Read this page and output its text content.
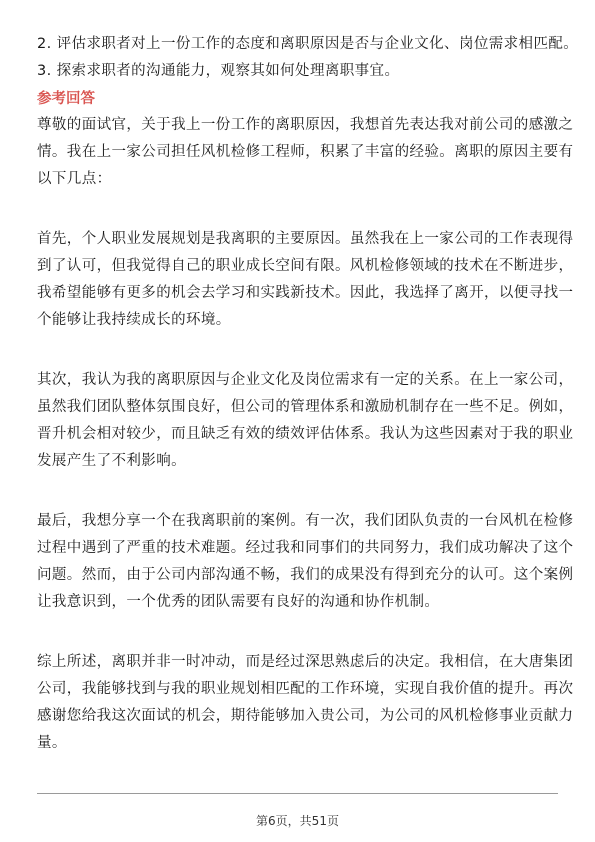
2. 评估求职者对上一份工作的态度和离职原因是否与企业文化、岗位需求相匹配。
3. 探索求职者的沟通能力，观察其如何处理离职事宜。
参考回答
尊敬的面试官，关于我上一份工作的离职原因，我想首先表达我对前公司的感激之
情。我在上一家公司担任风机检修工程师，积累了丰富的经验。离职的原因主要有
以下几点：
首先，个人职业发展规划是我离职的主要原因。虽然我在上一家公司的工作表现得
到了认可，但我觉得自己的职业成长空间有限。风机检修领域的技术在不断进步，
我希望能够有更多的机会去学习和实践新技术。因此，我选择了离开，以便寻找一
个能够让我持续成长的环境。
其次，我认为我的离职原因与企业文化及岗位需求有一定的关系。在上一家公司，
虽然我们团队整体氛围良好，但公司的管理体系和激励机制存在一些不足。例如，
晋升机会相对较少，而且缺乏有效的绩效评估体系。我认为这些因素对于我的职业
发展产生了不利影响。
最后，我想分享一个在我离职前的案例。有一次，我们团队负责的一台风机在检修
过程中遇到了严重的技术难题。经过我和同事们的共同努力，我们成功解决了这个
问题。然而，由于公司内部沟通不畅，我们的成果没有得到充分的认可。这个案例
让我意识到，一个优秀的团队需要有良好的沟通和协作机制。
综上所述，离职并非一时冲动，而是经过深思熟虑后的决定。我相信，在大唐集团
公司，我能够找到与我的职业规划相匹配的工作环境，实现自我价值的提升。再次
感谢您给我这次面试的机会，期待能够加入贵公司，为公司的风机检修事业贡献力
量。
第6页，共51页
